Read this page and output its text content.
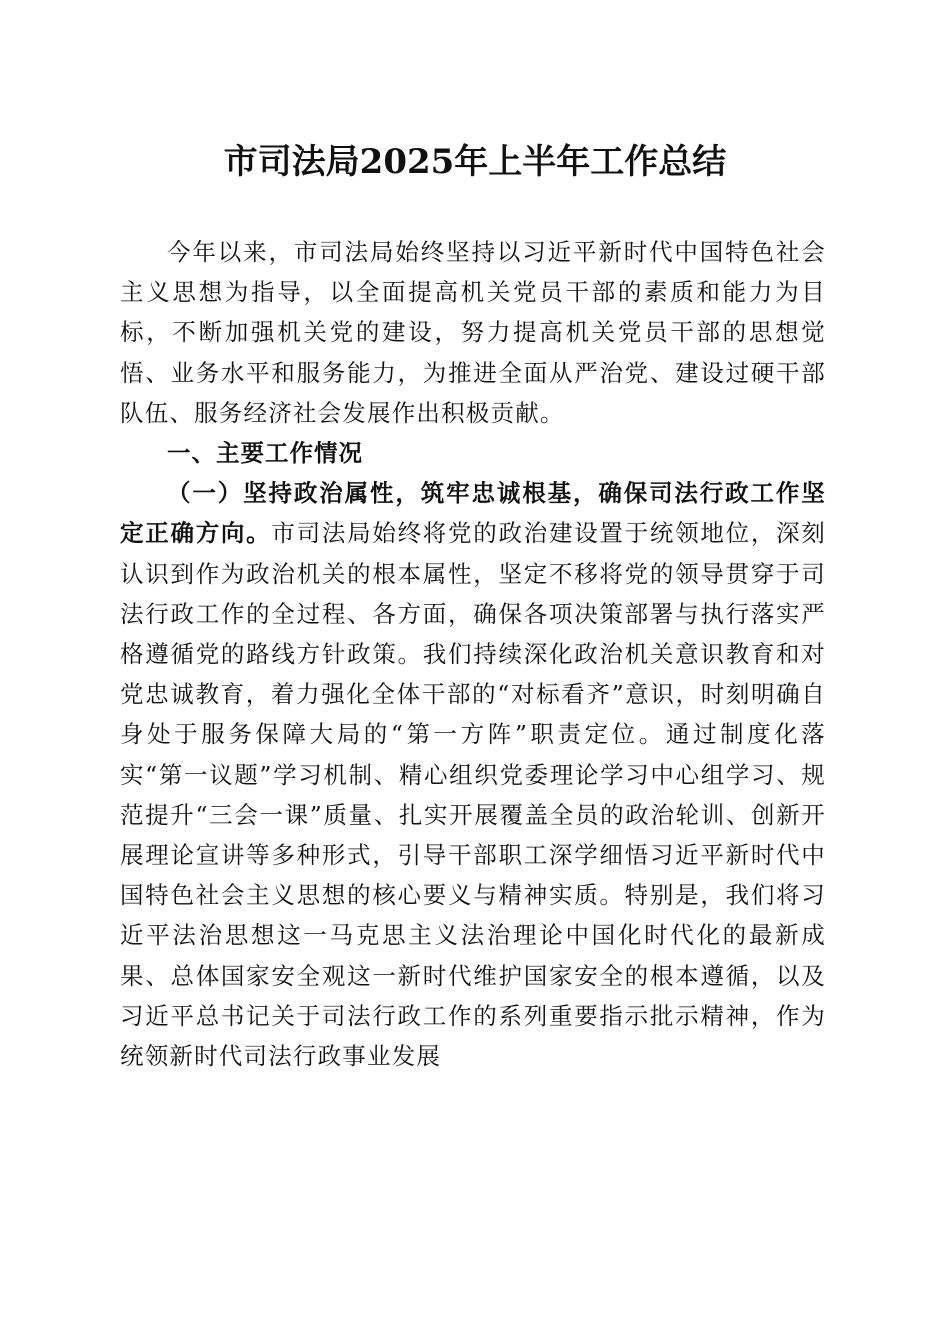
市司法局2025年上半年工作总结

今年以来，市司法局始终坚持以习近平新时代中国特色社会主义思想为指导，以全面提高机关党员干部的素质和能力为目标，不断加强机关党的建设，努力提高机关党员干部的思想觉悟、业务水平和服务能力，为推进全面从严治党、建设过硬干部队伍、服务经济社会发展作出积极贡献。

一、主要工作情况

（一）坚持政治属性，筑牢忠诚根基，确保司法行政工作坚定正确方向。市司法局始终将党的政治建设置于统领地位，深刻认识到作为政治机关的根本属性，坚定不移将党的领导贯穿于司法行政工作的全过程、各方面，确保各项决策部署与执行落实严格遵循党的路线方针政策。我们持续深化政治机关意识教育和对党忠诚教育，着力强化全体干部的“对标看齐”意识，时刻明确自身处于服务保障大局的“第一方阵”职责定位。通过制度化落实“第一议题”学习机制、精心组织党委理论学习中心组学习、规范提升“三会一课”质量、扎实开展覆盖全员的政治轮训、创新开展理论宣讲等多种形式，引导干部职工深学细悟习近平新时代中国特色社会主义思想的核心要义与精神实质。特别是，我们将习近平法治思想这一马克思主义法治理论中国化时代化的最新成果、总体国家安全观这一新时代维护国家安全的根本遵循，以及习近平总书记关于司法行政工作的系列重要指示批示精神，作为统领新时代司法行政事业发展
